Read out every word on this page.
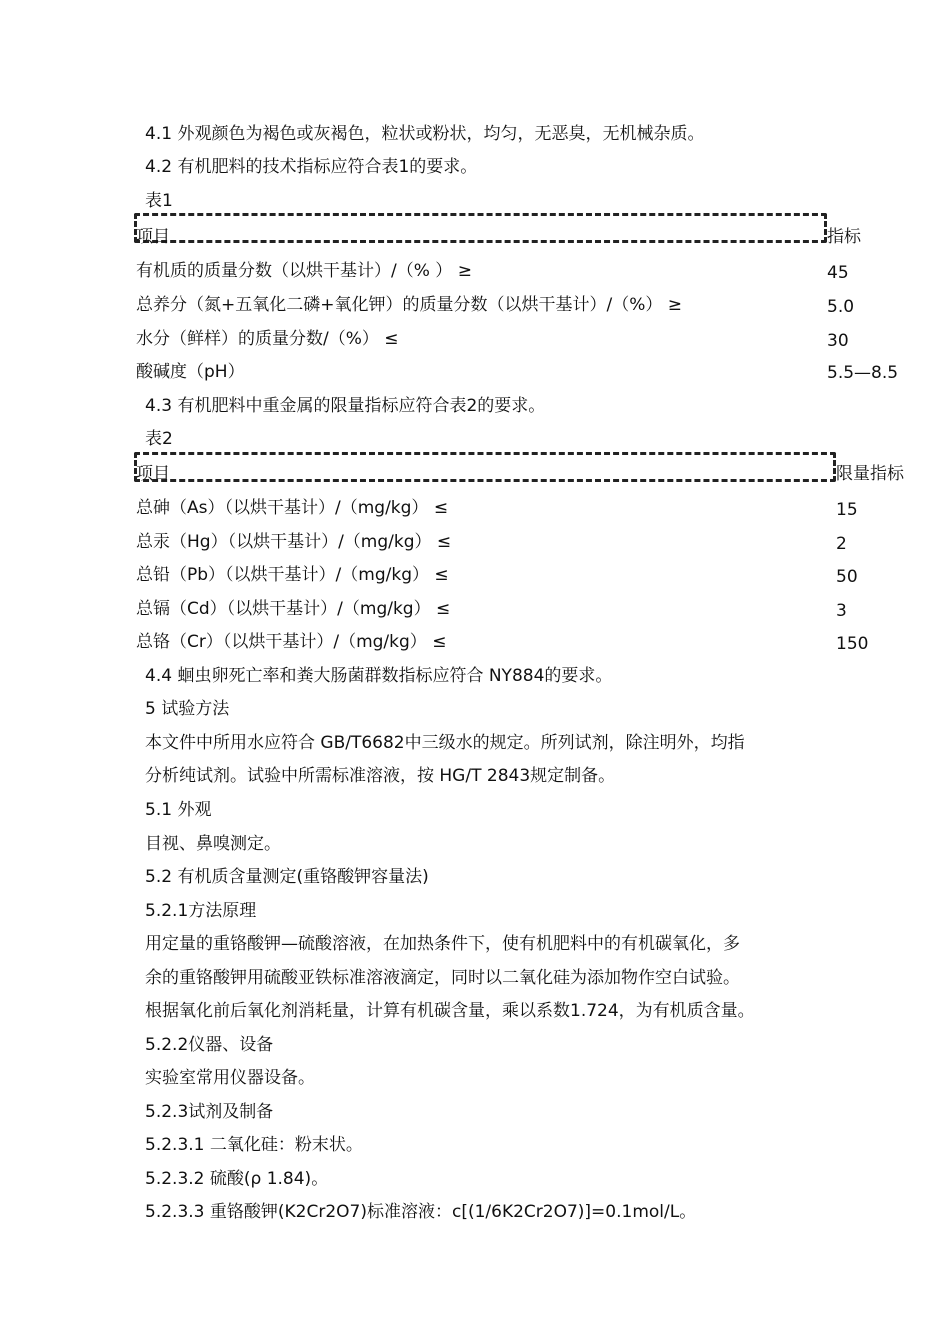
4.1 外观颜色为褐色或灰褐色，粒状或粉状，均匀，无恶臭，无机械杂质。
4.2 有机肥料的技术指标应符合表1的要求。
表1
项目	指标
有机质的质量分数（以烘干基计）/（% ） ≥	45
总养分（氮+五氧化二磷+氧化钾）的质量分数（以烘干基计）/（%） ≥	5.0
水分（鲜样）的质量分数/（%） ≤	30
酸碱度（pH）	5.5—8.5
4.3 有机肥料中重金属的限量指标应符合表2的要求。
表2
项目	限量指标
总砷（As）（以烘干基计）/（mg/kg） ≤	15
总汞（Hg）（以烘干基计）/（mg/kg） ≤	2
总铅（Pb）（以烘干基计）/（mg/kg） ≤	50
总镉（Cd）（以烘干基计）/（mg/kg） ≤	3
总铬（Cr）（以烘干基计）/（mg/kg） ≤	150
4.4 蛔虫卵死亡率和粪大肠菌群数指标应符合 NY884的要求。
5 试验方法
本文件中所用水应符合 GB/T6682中三级水的规定。所列试剂，除注明外，均指
分析纯试剂。试验中所需标准溶液，按 HG/T 2843规定制备。
5.1 外观
目视、鼻嗅测定。
5.2 有机质含量测定(重铬酸钾容量法)
5.2.1方法原理
用定量的重铬酸钾—硫酸溶液，在加热条件下，使有机肥料中的有机碳氧化，多
余的重铬酸钾用硫酸亚铁标准溶液滴定，同时以二氧化硅为添加物作空白试验。
根据氧化前后氧化剂消耗量，计算有机碳含量，乘以系数1.724，为有机质含量。
5.2.2仪器、设备
实验室常用仪器设备。
5.2.3试剂及制备
5.2.3.1 二氧化硅：粉末状。
5.2.3.2 硫酸(ρ 1.84)。
5.2.3.3 重铬酸钾(K2Cr2O7)标准溶液：c[(1/6K2Cr2O7)]=0.1mol/L。
